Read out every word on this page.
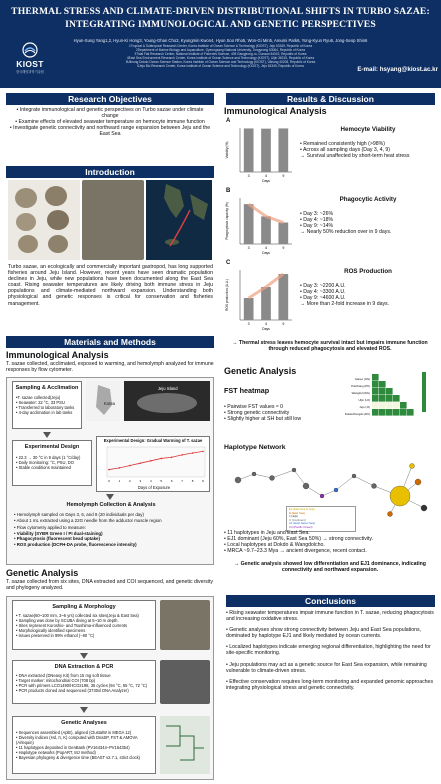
THERMAL STRESS AND CLIMATE-DRIVEN DISTRIBUTIONAL SHIFTS IN TURBO SAZAE:
INTEGRATING IMMUNOLOGICAL AND GENETIC PERSPECTIVES
KIOST
한국해양과학기술원
Hyun-Sung Yang1,2, Hyun-Ki Hong3, Young-Ghan Cho3, Kyungmin Kwon4, Hyun Soo Rho5, Won-Gi Min5, Areumi Park6, Yong-Kyun Ryu6, Jong-Seop Shin6
1Tropical & Subtropical Research Center, Korea Institute of Ocean Science & Technology (KIOST), Jeju 63349, Republic of Korea
2Department of Marine Biology and Aquaculture, Gyeongsang National University, Tongyeong 53064, Republic of Korea
3Tidal Flat Research Center, National Institute of Fisheries Science, 405 Gangjeong-ro, Gunsan 54042, Republic of Korea
4East Sea Environment Research Center, Korea Institute of Ocean Science and Technology (KIOST), Uljin 36315, Republic of Korea
5Ulleung Dokdo Ocean Science Station, Korea Institute of Ocean Science and Technology (KIOST), Ulleung 40205, Republic of Korea
6Jeju Bio Research Center, Korea Institute of Ocean Science and Technology (KIOST), Jeju 63349, Republic of Korea	E-mail: hsyang@kiost.ac.kr
Research Objectives
• Integrate immunological and genetic perspectives on Turbo sazae under climate change
• Examine effects of elevated seawater temperature on hemocyte immune function
• Investigate genetic connectivity and northward range expansion between Jeju and the East Sea
Introduction
Turbo sazae, an ecologically and commercially important gastropod, has long supported fisheries around Jeju Island. However, recent years have seen dramatic population declines in Jeju, while new populations have been documented along the East Sea coast. Rising seawater temperatures are likely driving both immune stress in Jeju populations and climate-mediated northward expansion. Understanding both physiological and genetic responses is critical for conservation and fisheries management.
Materials and Methods
Immunological Analysis
T. sazae collected, acclimated, exposed to warming, and hemolymph analyzed for immune responses by flow cytometer.
Sampling & Acclimation
•T. sazae collected(Jeju)
• Seawater: 22 °C, 33 PSU
• Transferred to laboratory tanks
• 4-day acclimation in lab tanks
Korea
Jeju Island
Experimental Design
• 22.3 → 30 °C in 9 days (1 °C/day)
• Daily monitoring: °C, PSU, DO
• Stable conditions maintained
Experimental Design: Gradual Warming of T. sazae
0	1	2	3	4	5	6	7	8	9
Days of Exposure
Hemolymph Collection & Analysis
• Hemolymph sampled on Days 3, 6, and 9 (20 individuals per day)
• About 1 mL extracted using a 22G needle from the adductor muscle region
• Flow cytometry applied to measure:
• Viability (SYBR Green I / PI dual-staining)
• Phagocytosis (fluorescent bead uptake)
• ROS production (DCFH-DA probe, fluorescence intensity)
Genetic Analysis
T. sazae collected from six sites, DNA extracted and COI sequenced, and genetic diversity and phylogeny analyzed.
Sampling & Morphology
• T. sazae(60~100 mm, 3~6 yrs) collected six sites(Jeju & East Sea)
• Sampling was done by SCUBA diving at 5~10 m depth.
• Sites represent Kuroshio- and Tsushima-influenced currents
• Morphologically identified specimens
• issues preserved in 99% ethanol (−80 °C)
DNA Extraction & PCR
• DNA extracted (DNeasy Kit) from 15 mg soft tissue
• Target marker: mitochondrial COI (708 bp)
• PCR with primers LCO1490/HCO2198, 35 cycles (94 °C, 55 °C, 72 °C)
• PCR products cloned and sequenced (3730xl DNA Analyzer)
Genetic Analyses
• Sequences assembled (AplE), aligned (ClustalW in MEGA 12)
• Diversity indices (Hd, π, K) computed with DnaSP, FST & AMOVA (Arlequin)
• 11 haplotypes deposited in GenBank (PV164344–PV164354)
• Haplotype networks (PopART, MJ method)
• Bayesian phylogeny & divergence time (BEAST v2.7.1, strict clock)
Results & Discussion
Immunological Analysis
A
Viability (%)
3	4	9
Days
Hemocyte Viability
• Remained consistently high (>98%)
• Across all sampling days (Day 3, 4, 9)
→ Survival unaffected by short-term heat stress
B
Phagocytosis capacity (%)
3	4	9
Days
Phagocytic Activity
• Day 3: ~26%
• Day 4: ~18%
• Day 9: ~14%
→ Nearly 50% reduction over in 9 days.
C
ROS production (A.U.)
3	4	9
Days
ROS Production
• Day 3: ~2200 A.U.
• Day 4: ~3300 A.U.
• Day 9: ~4600 A.U.
→ More than 2-fold increase in 9 days.
→ Thermal stress leaves hemocyte survival intact but impairs immune function through reduced phagocytosis and elevated ROS.
Genetic Analysis
FST heatmap
• Pairwise FST values ≈ 0
• Strong genetic connectivity
• Slightly higher at SH but still low
Ganeo (GN)
Pukchang (PK)
Wangdol (WG)
Uljin (UJ)
Jeju (JJ)
Dokdo/Dongdo (DK)
Haplotype Network
EJ (East Sea & Jeju)
E (East Sea)
J (Jeju)
C (Continent)
C1 (East Japan Sea)
C4 (Pacific Ocean)
• 11 haplotypes in Jeju and East Sea.
• EJ1 dominant (Jeju 60%, East Sea 50%) → strong connectivity.
• Local haplotypes at Dokdo & Wangdolcho.
• MRCA ~9.7–23.3 Mya → ancient divergence, recent contact.
→ Genetic analysis showed low differentiation and EJ1 dominance, indicating connectivity and northward expansion.
Conclusions
• Rising seawater temperatures impair immune function in T. sazae, reducing phagocytosis and increasing oxidative stress.
• Genetic analyses show strong connectivity between Jeju and East Sea populations, dominated by haplotype EJ1 and likely mediated by ocean currents.
• Localized haplotypes indicate emerging regional differentiation, highlighting the need for site-specific monitoring.
• Jeju populations may act as a genetic source for East Sea expansion, while remaining vulnerable to climate-driven stress.
• Effective conservation requires long-term monitoring and expanded genomic approaches integrating physiological stress and genetic connectivity.
